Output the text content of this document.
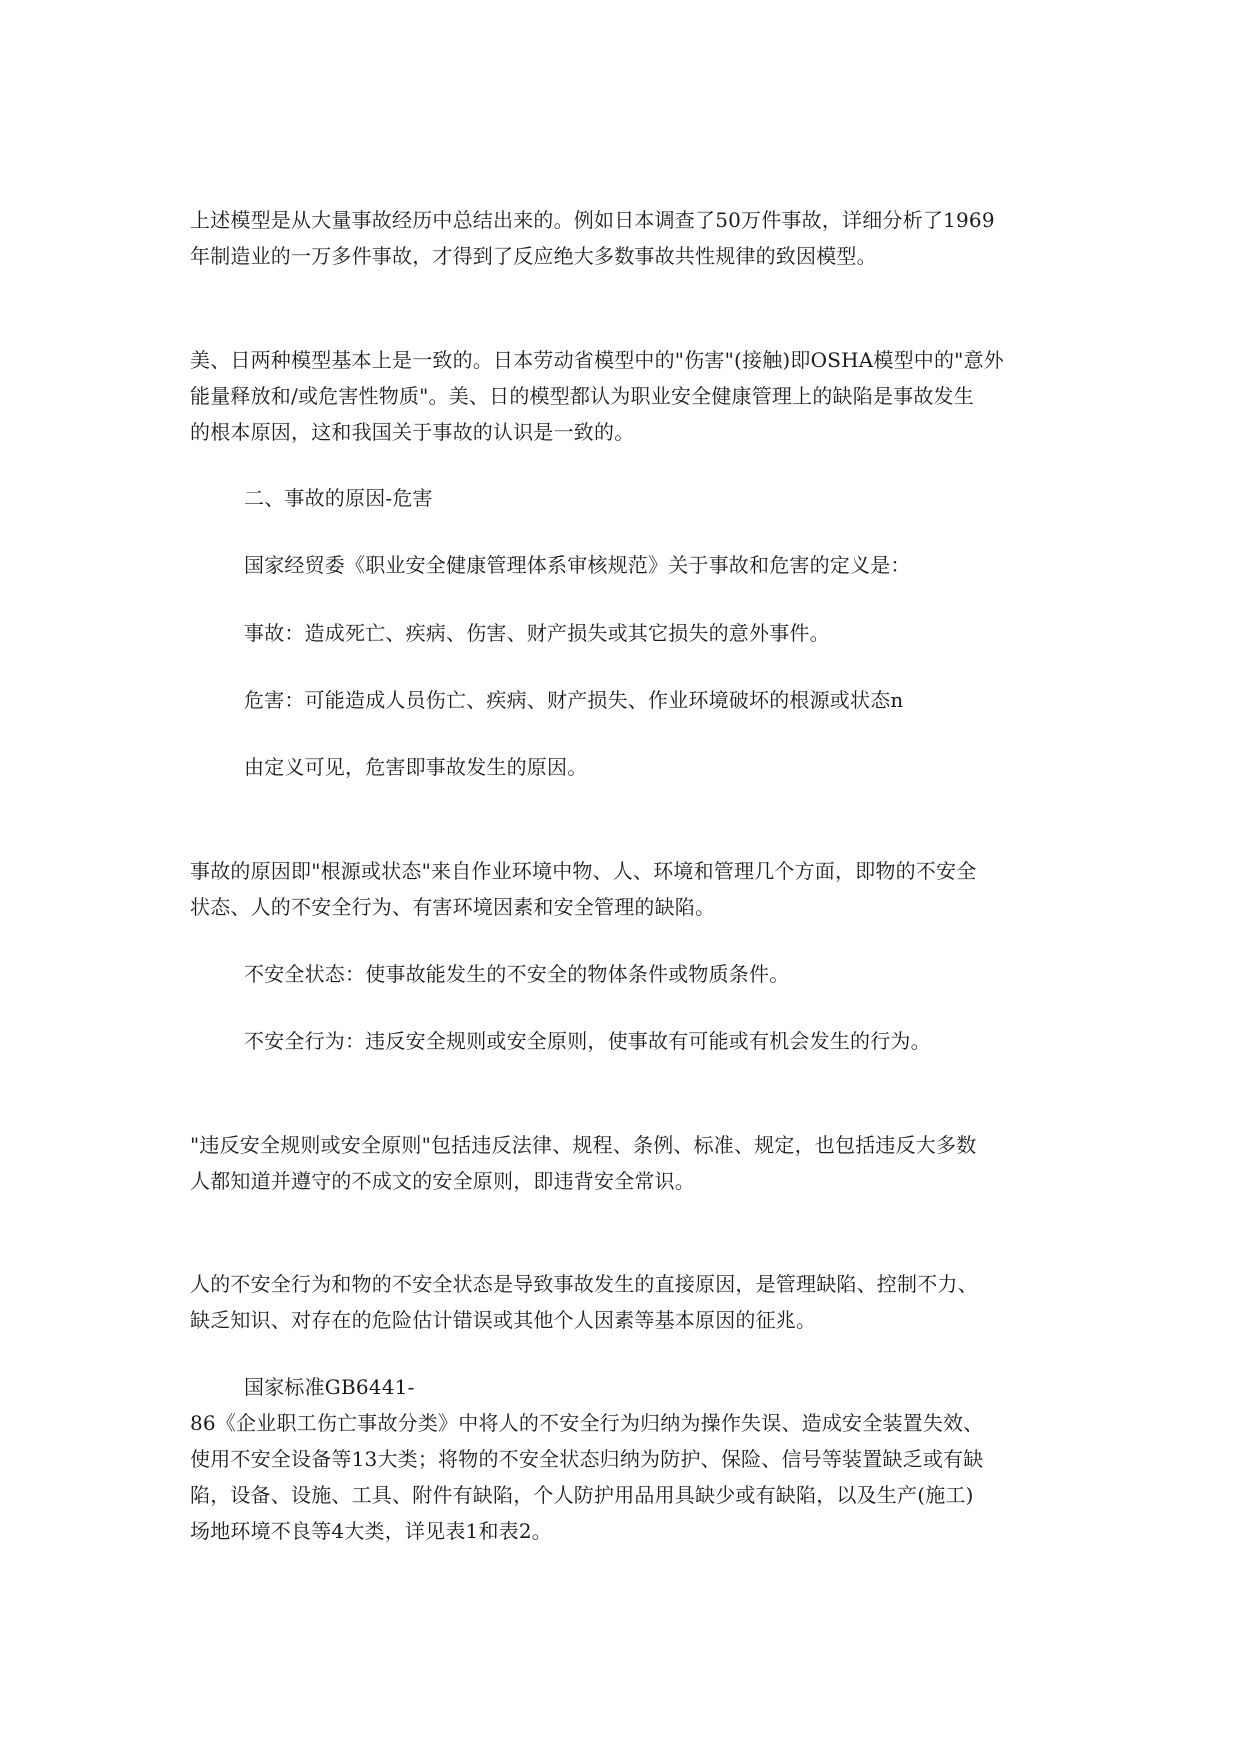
上述模型是从大量事故经历中总结出来的。例如日本调查了50万件事故，详细分析了1969
年制造业的一万多件事故，才得到了反应绝大多数事故共性规律的致因模型。
美、日两种模型基本上是一致的。日本劳动省模型中的"伤害"(接触)即OSHA模型中的"意外
能量释放和/或危害性物质"。美、日的模型都认为职业安全健康管理上的缺陷是事故发生
的根本原因，这和我国关于事故的认识是一致的。
二、事故的原因-危害
国家经贸委《职业安全健康管理体系审核规范》关于事故和危害的定义是：
事故：造成死亡、疾病、伤害、财产损失或其它损失的意外事件。
危害：可能造成人员伤亡、疾病、财产损失、作业环境破坏的根源或状态n
由定义可见，危害即事故发生的原因。
事故的原因即"根源或状态"来自作业环境中物、人、环境和管理几个方面，即物的不安全
状态、人的不安全行为、有害环境因素和安全管理的缺陷。
不安全状态：使事故能发生的不安全的物体条件或物质条件。
不安全行为：违反安全规则或安全原则，使事故有可能或有机会发生的行为。
"违反安全规则或安全原则"包括违反法律、规程、条例、标准、规定，也包括违反大多数
人都知道并遵守的不成文的安全原则，即违背安全常识。
人的不安全行为和物的不安全状态是导致事故发生的直接原因，是管理缺陷、控制不力、
缺乏知识、对存在的危险估计错误或其他个人因素等基本原因的征兆。
国家标准GB6441-
86《企业职工伤亡事故分类》中将人的不安全行为归纳为操作失误、造成安全装置失效、
使用不安全设备等13大类；将物的不安全状态归纳为防护、保险、信号等装置缺乏或有缺
陷，设备、设施、工具、附件有缺陷，个人防护用品用具缺少或有缺陷，以及生产(施工)
场地环境不良等4大类，详见表1和表2。
